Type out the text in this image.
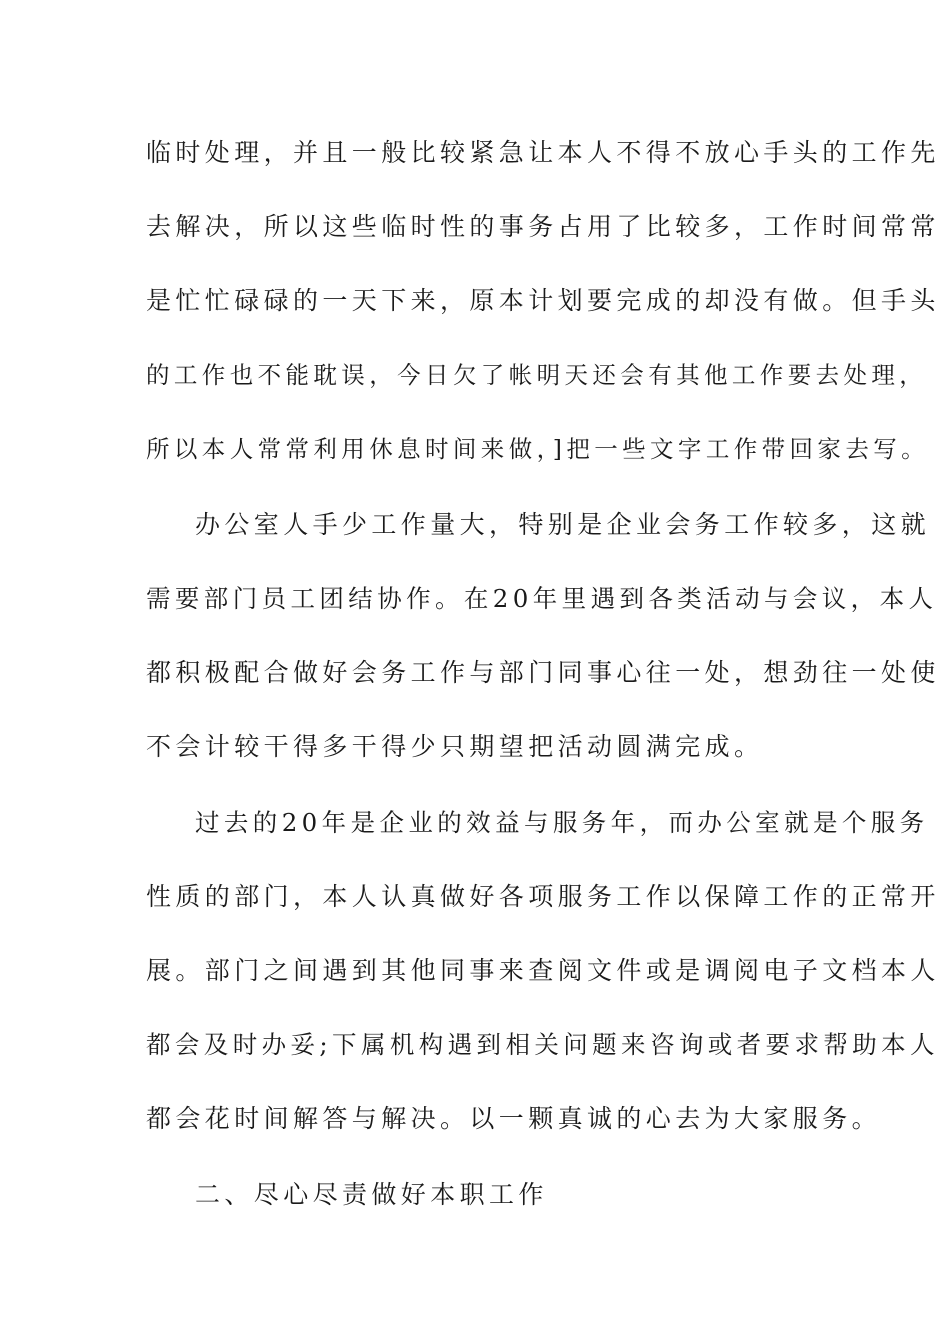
临时处理，并且一般比较紧急让本人不得不放心手头的工作先
去解决，所以这些临时性的事务占用了比较多，工作时间常常
是忙忙碌碌的一天下来，原本计划要完成的却没有做。但手头
的工作也不能耽误，今日欠了帐明天还会有其他工作要去处理，
所以本人常常利用休息时间来做，]把一些文字工作带回家去写。
办公室人手少工作量大，特别是企业会务工作较多，这就
需要部门员工团结协作。在20年里遇到各类活动与会议，本人
都积极配合做好会务工作与部门同事心往一处，想劲往一处使
不会计较干得多干得少只期望把活动圆满完成。
过去的20年是企业的效益与服务年，而办公室就是个服务
性质的部门，本人认真做好各项服务工作以保障工作的正常开
展。部门之间遇到其他同事来查阅文件或是调阅电子文档本人
都会及时办妥;下属机构遇到相关问题来咨询或者要求帮助本人
都会花时间解答与解决。以一颗真诚的心去为大家服务。
二、尽心尽责做好本职工作
